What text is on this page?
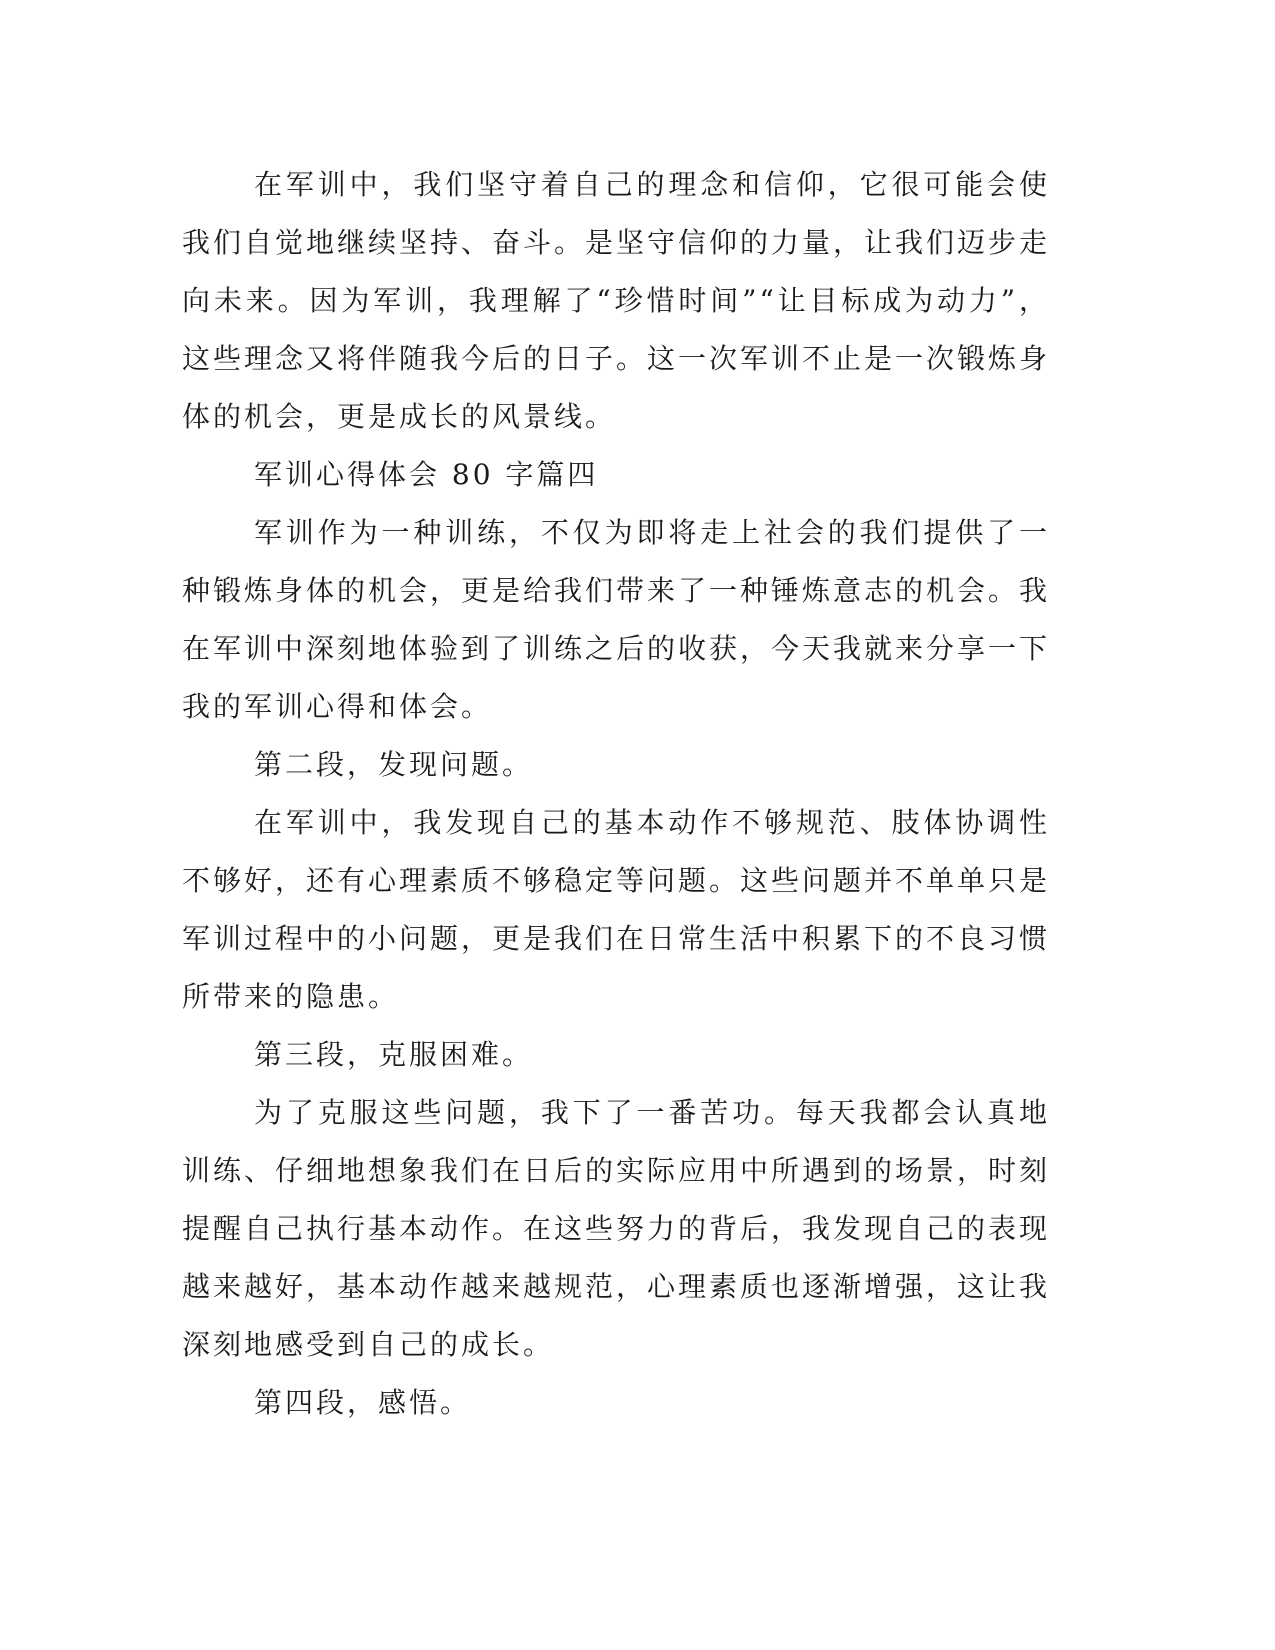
在军训中，我们坚守着自己的理念和信仰，它很可能会使我们自觉地继续坚持、奋斗。是坚守信仰的力量，让我们迈步走向未来。因为军训，我理解了“珍惜时间”“让目标成为动力”，这些理念又将伴随我今后的日子。这一次军训不止是一次锻炼身体的机会，更是成长的风景线。

军训心得体会 80 字篇四

军训作为一种训练，不仅为即将走上社会的我们提供了一种锻炼身体的机会，更是给我们带来了一种锤炼意志的机会。我在军训中深刻地体验到了训练之后的收获，今天我就来分享一下我的军训心得和体会。

第二段，发现问题。

在军训中，我发现自己的基本动作不够规范、肢体协调性不够好，还有心理素质不够稳定等问题。这些问题并不单单只是军训过程中的小问题，更是我们在日常生活中积累下的不良习惯所带来的隐患。

第三段，克服困难。

为了克服这些问题，我下了一番苦功。每天我都会认真地训练、仔细地想象我们在日后的实际应用中所遇到的场景，时刻提醒自己执行基本动作。在这些努力的背后，我发现自己的表现越来越好，基本动作越来越规范，心理素质也逐渐增强，这让我深刻地感受到自己的成长。

第四段，感悟。
